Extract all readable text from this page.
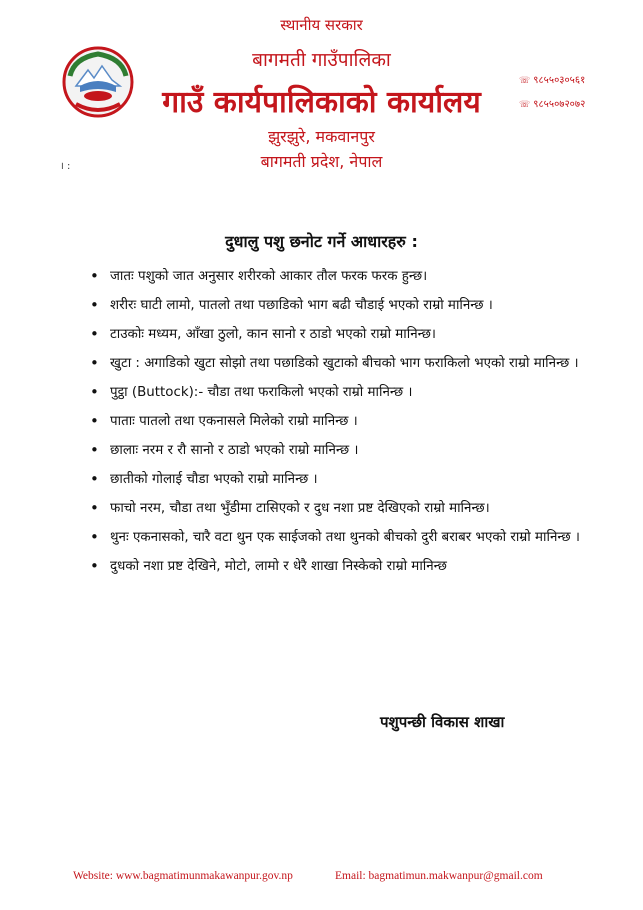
स्थानीय सरकार
बागमती गाउँपालिका
गाउँ कार्यपालिकाको कार्यालय
झुरझुरे, मकवानपुर
बागमती प्रदेश, नेपाल
☏ ९८५५०३०५६१
☏ ९८५५०७२०७२
। :
दुधालु पशु छनोट गर्ने आधारहरु :
• जातः पशुको जात अनुसार शरीरको आकार तौल फरक फरक हुन्छ।
• शरीरः घाटी लामो, पातलो तथा पछाडिको भाग बढी चौडाई भएको राम्रो मानिन्छ ।
• टाउकोः मध्यम, आँखा ठुलो, कान सानो र ठाडो भएको राम्रो मानिन्छ।
• खुटा : अगाडिको खुटा सोझो तथा पछाडिको खुटाको बीचको भाग फराकिलो भएको राम्रो मानिन्छ ।
• पुट्ठा (Buttock):- चौडा तथा फराकिलो भएको राम्रो मानिन्छ ।
• पाताः पातलो तथा एकनासले मिलेको राम्रो मानिन्छ ।
• छालाः नरम र रौ सानो र ठाडो भएको राम्रो मानिन्छ ।
• छातीको गोलाई चौडा भएको राम्रो मानिन्छ ।
• फाचो नरम, चौडा तथा भुँडीमा टासिएको र दुध नशा प्रष्ट देखिएको राम्रो मानिन्छ।
• थुनः एकनासको, चारै वटा थुन एक साईजको तथा थुनको बीचको दुरी बराबर भएको राम्रो मानिन्छ ।
• दुधको नशा प्रष्ट देखिने, मोटो, लामो र धेरै शाखा निस्केको राम्रो मानिन्छ
पशुपन्छी विकास शाखा
Website: www.bagmatimunmakawanpur.gov.np	Email: bagmatimun.makwanpur@gmail.com
